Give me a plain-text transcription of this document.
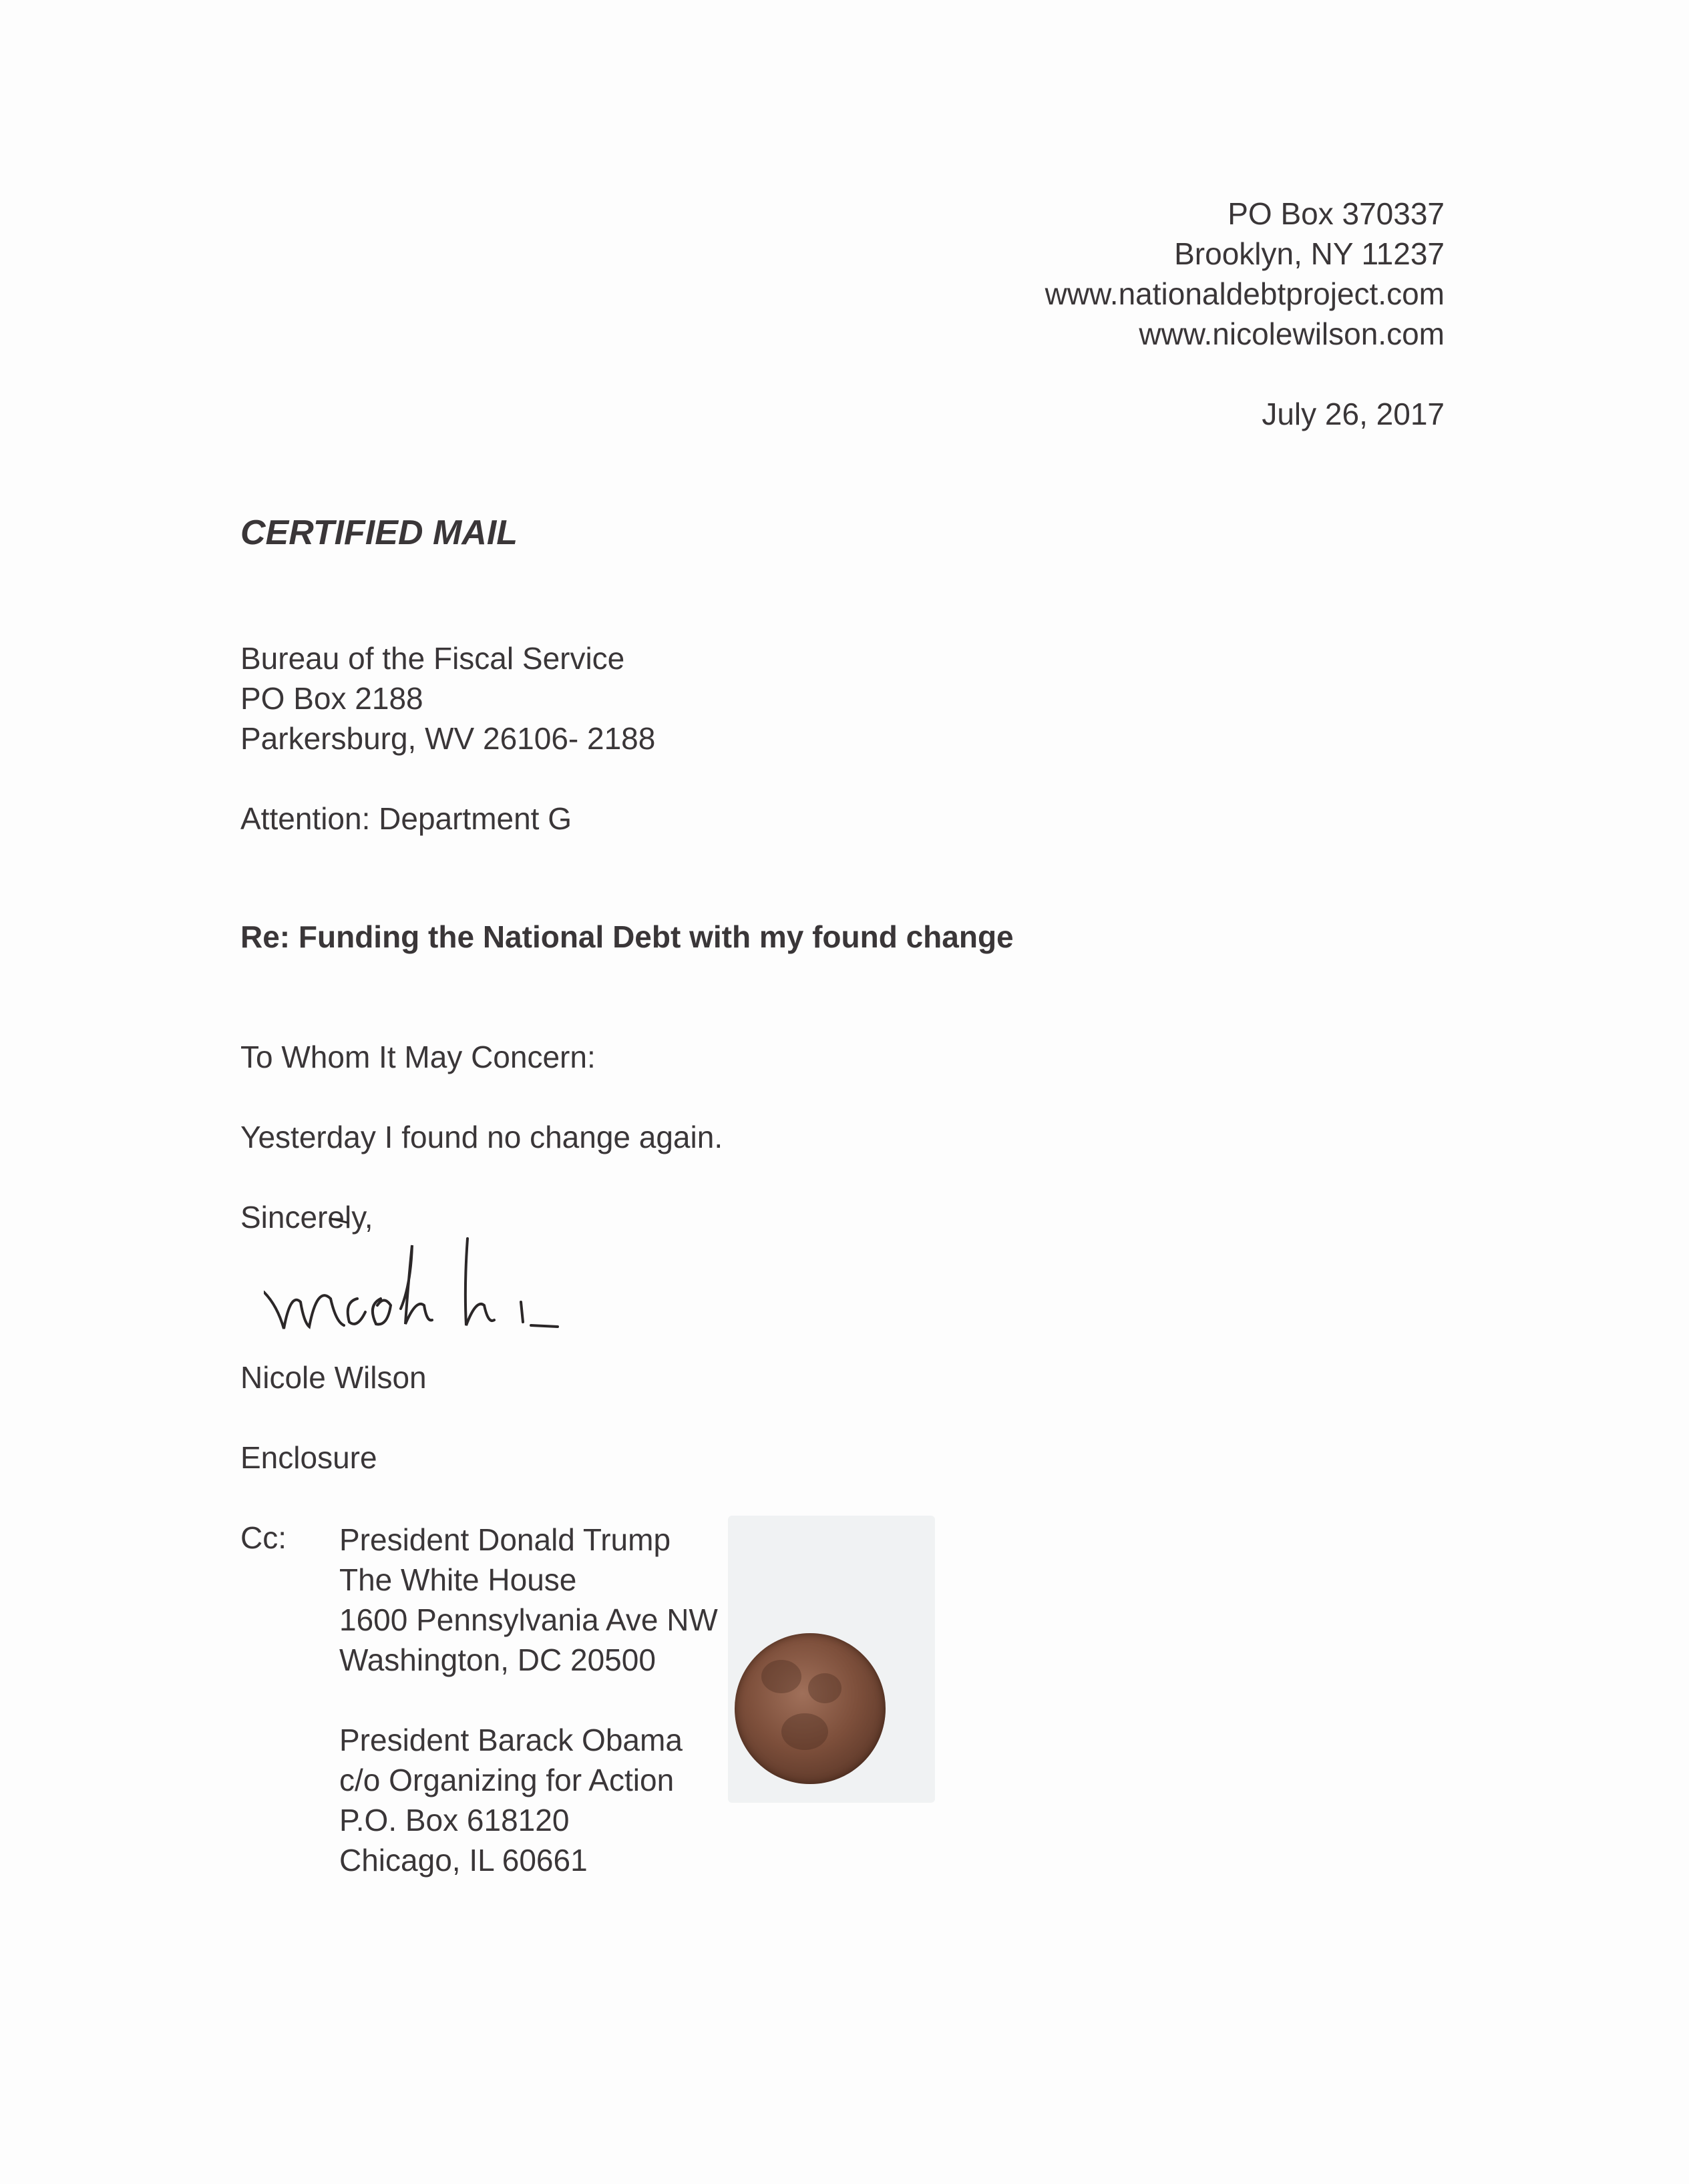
PO Box 370337
Brooklyn, NY 11237
www.nationaldebtproject.com
www.nicolewilson.com
July 26, 2017
CERTIFIED MAIL
Bureau of the Fiscal Service
PO Box 2188
Parkersburg, WV 26106- 2188
Attention: Department G
Re: Funding the National Debt with my found change
To Whom It May Concern:
Yesterday I found no change again.
Sincerely,
Nicole Wilson
Enclosure
Cc: President Donald Trump
The White House
1600 Pennsylvania Ave NW
Washington, DC 20500
President Barack Obama
c/o Organizing for Action
P.O. Box 618120
Chicago, IL 60661
